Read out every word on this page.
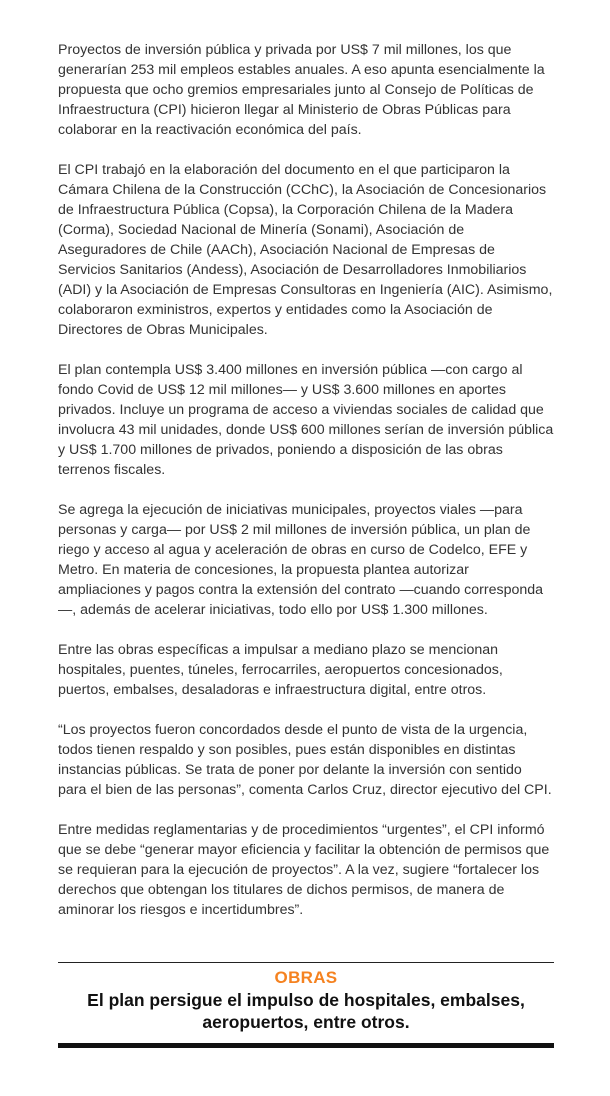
Proyectos de inversión pública y privada por US$ 7 mil millones, los que generarían 253 mil empleos estables anuales. A eso apunta esencialmente la propuesta que ocho gremios empresariales junto al Consejo de Políticas de Infraestructura (CPI) hicieron llegar al Ministerio de Obras Públicas para colaborar en la reactivación económica del país.

El CPI trabajó en la elaboración del documento en el que participaron la Cámara Chilena de la Construcción (CChC), la Asociación de Concesionarios de Infraestructura Pública (Copsa), la Corporación Chilena de la Madera (Corma), Sociedad Nacional de Minería (Sonami), Asociación de Aseguradores de Chile (AACh), Asociación Nacional de Empresas de Servicios Sanitarios (Andess), Asociación de Desarrolladores Inmobiliarios (ADI) y la Asociación de Empresas Consultoras en Ingeniería (AIC). Asimismo, colaboraron exministros, expertos y entidades como la Asociación de Directores de Obras Municipales.

El plan contempla US$ 3.400 millones en inversión pública —con cargo al fondo Covid de US$ 12 mil millones— y US$ 3.600 millones en aportes privados. Incluye un programa de acceso a viviendas sociales de calidad que involucra 43 mil unidades, donde US$ 600 millones serían de inversión pública y US$ 1.700 millones de privados, poniendo a disposición de las obras terrenos fiscales.

Se agrega la ejecución de iniciativas municipales, proyectos viales —para personas y carga— por US$ 2 mil millones de inversión pública, un plan de riego y acceso al agua y aceleración de obras en curso de Codelco, EFE y Metro. En materia de concesiones, la propuesta plantea autorizar ampliaciones y pagos contra la extensión del contrato —cuando corresponda—, además de acelerar iniciativas, todo ello por US$ 1.300 millones.

Entre las obras específicas a impulsar a mediano plazo se mencionan hospitales, puentes, túneles, ferrocarriles, aeropuertos concesionados, puertos, embalses, desaladoras e infraestructura digital, entre otros.

“Los proyectos fueron concordados desde el punto de vista de la urgencia, todos tienen respaldo y son posibles, pues están disponibles en distintas instancias públicas. Se trata de poner por delante la inversión con sentido para el bien de las personas”, comenta Carlos Cruz, director ejecutivo del CPI.

Entre medidas reglamentarias y de procedimientos “urgentes”, el CPI informó que se debe “generar mayor eficiencia y facilitar la obtención de permisos que se requieran para la ejecución de proyectos”. A la vez, sugiere “fortalecer los derechos que obtengan los titulares de dichos permisos, de manera de aminorar los riesgos e incertidumbres”.

OBRAS
El plan persigue el impulso de hospitales, embalses, aeropuertos, entre otros.
